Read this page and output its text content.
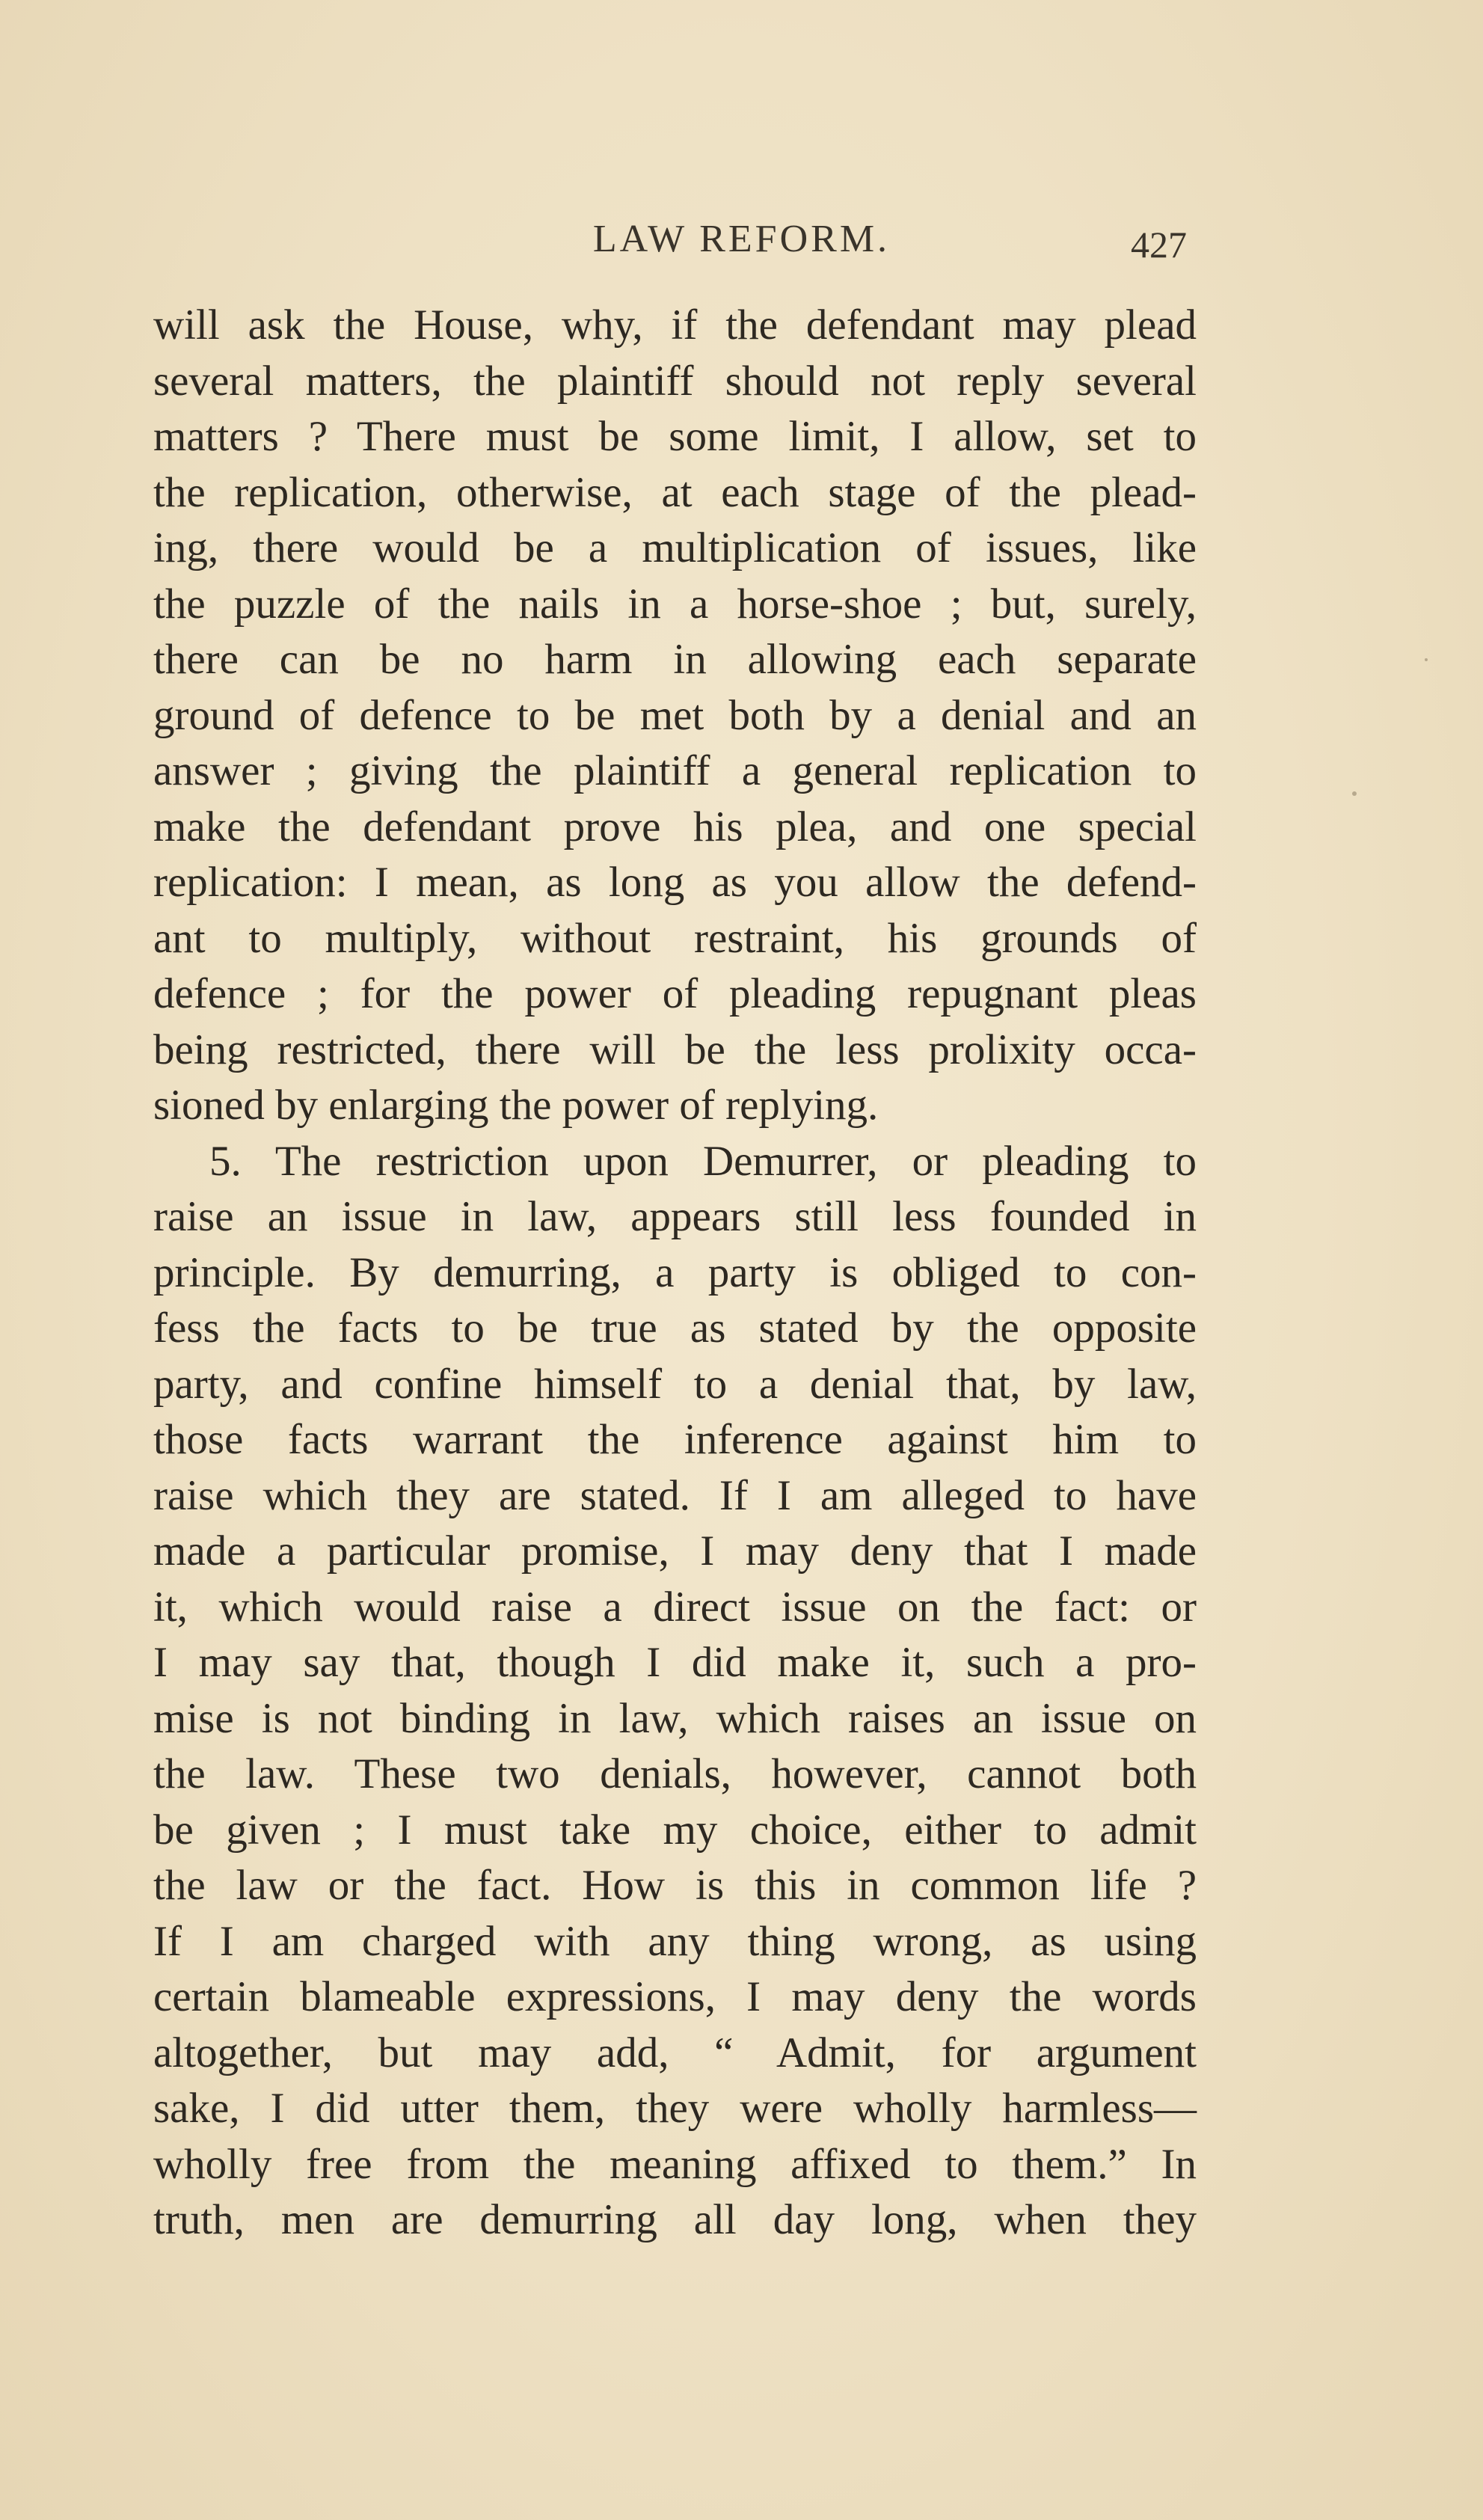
LAW REFORM.	427
will ask the House, why, if the defendant may plead
several matters, the plaintiff should not reply several
matters ? There must be some limit, I allow, set to
the replication, otherwise, at each stage of the plead-
ing, there would be a multiplication of issues, like
the puzzle of the nails in a horse-shoe ; but, surely,
there can be no harm in allowing each separate
ground of defence to be met both by a denial and an
answer ; giving the plaintiff a general replication to
make the defendant prove his plea, and one special
replication: I mean, as long as you allow the defend-
ant to multiply, without restraint, his grounds of
defence ; for the power of pleading repugnant pleas
being restricted, there will be the less prolixity occa-
sioned by enlarging the power of replying.
5. The restriction upon Demurrer, or pleading to
raise an issue in law, appears still less founded in
principle. By demurring, a party is obliged to con-
fess the facts to be true as stated by the opposite
party, and confine himself to a denial that, by law,
those facts warrant the inference against him to
raise which they are stated. If I am alleged to have
made a particular promise, I may deny that I made
it, which would raise a direct issue on the fact: or
I may say that, though I did make it, such a pro-
mise is not binding in law, which raises an issue on
the law. These two denials, however, cannot both
be given ; I must take my choice, either to admit
the law or the fact. How is this in common life ?
If I am charged with any thing wrong, as using
certain blameable expressions, I may deny the words
altogether, but may add, “ Admit, for argument
sake, I did utter them, they were wholly harmless—
wholly free from the meaning affixed to them.” In
truth, men are demurring all day long, when they
